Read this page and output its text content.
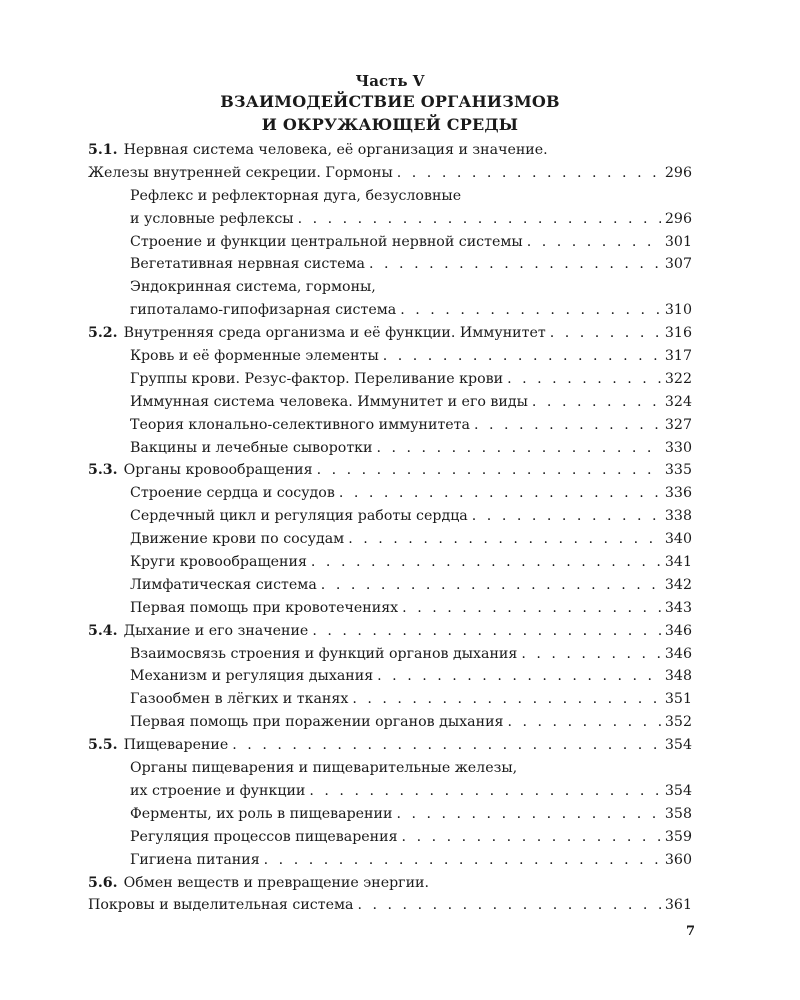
Часть V
ВЗАИМОДЕЙСТВИЕ ОРГАНИЗМОВ
И ОКРУЖАЮЩЕЙ СРЕДЫ
5.1. Нервная система человека, её организация и значение.
Железы внутренней секреции. Гормоны . . .	296
Рефлекс и рефлекторная дуга, безусловные
и условные рефлексы . . .	296
Строение и функции центральной нервной системы . . .	301
Вегетативная нервная система . . .	307
Эндокринная система, гормоны,
гипоталамо-гипофизарная система . . .	310
5.2. Внутренняя среда организма и её функции. Иммунитет . . .	316
Кровь и её форменные элементы . . .	317
Группы крови. Резус-фактор. Переливание крови . . .	322
Иммунная система человека. Иммунитет и его виды . . .	324
Теория клонально-селективного иммунитета . . .	327
Вакцины и лечебные сыворотки . . .	330
5.3. Органы кровообращения . . .	335
Строение сердца и сосудов . . .	336
Сердечный цикл и регуляция работы сердца . . .	338
Движение крови по сосудам . . .	340
Круги кровообращения . . .	341
Лимфатическая система . . .	342
Первая помощь при кровотечениях . . .	343
5.4. Дыхание и его значение . . .	346
Взаимосвязь строения и функций органов дыхания . . .	346
Механизм и регуляция дыхания . . .	348
Газообмен в лёгких и тканях . . .	351
Первая помощь при поражении органов дыхания . . .	352
5.5. Пищеварение . . .	354
Органы пищеварения и пищеварительные железы,
их строение и функции . . .	354
Ферменты, их роль в пищеварении . . .	358
Регуляция процессов пищеварения . . .	359
Гигиена питания . . .	360
5.6. Обмен веществ и превращение энергии.
Покровы и выделительная система . . .	361
7
